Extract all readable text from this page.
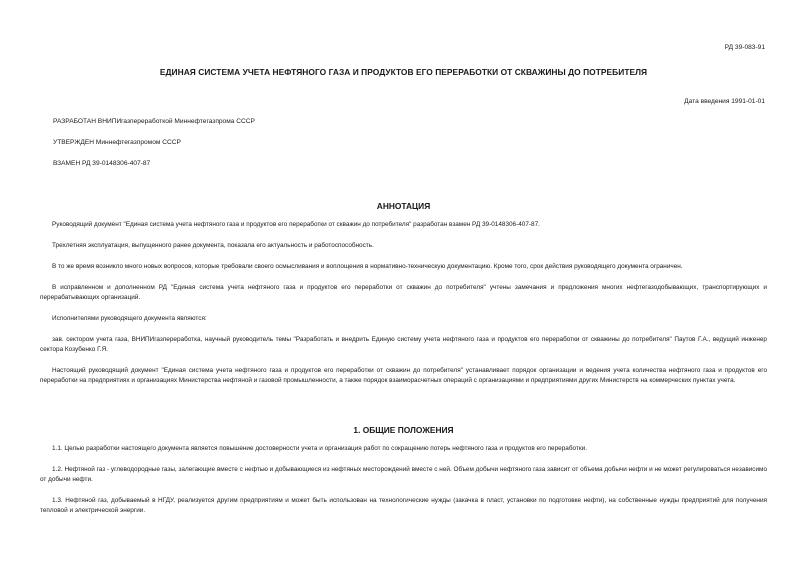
РД 39-083-91
ЕДИНАЯ СИСТЕМА УЧЕТА НЕФТЯНОГО ГАЗА И ПРОДУКТОВ ЕГО ПЕРЕРАБОТКИ ОТ СКВАЖИНЫ ДО ПОТРЕБИТЕЛЯ
Дата введения 1991-01-01
РАЗРАБОТАН ВНИПИгазпереработкой Миннефтегазпрома СССР
УТВЕРЖДЕН Миннефтегазпромом СССР
ВЗАМЕН РД 39-0148306-407-87
АННОТАЦИЯ

Руководящий документ "Единая система учета нефтяного газа и продуктов его переработки от скважин до потребителя" разработан взамен РД 39-0148306-407-87.

Трехлетняя эксплуатация, выпущенного ранее документа, показала его актуальность и работоспособность.

В то же время возникло много новых вопросов, которые требовали своего осмысливания и воплощения в нормативно-техническую документацию. Кроме того, срок действия руководящего документа ограничен.

В исправленном и дополненном РД "Единая система учета нефтяного газа и продуктов его переработки от скважин до потребителя" учтены замечания и предложения многих нефтегазодобывающих, транспортирующих и перерабатывающих организаций.

Исполнителями руководящего документа являются:

зав. сектором учета газа, ВНИПИгазпереработка, научный руководитель темы "Разработать и внедрить Единую систему учета нефтяного газа и продуктов его переработки от скважины до потребителя" Паутов Г.А., ведущий инженер сектора Козубенко Г.Я.

Настоящий руководящий документ "Единая система учета нефтяного газа и продуктов его переработки от скважин до потребителя" устанавливает порядок организации и ведения учета количества нефтяного газа и продуктов его переработки на предприятиях и организациях Министерства нефтяной и газовой промышленности, а также порядок взаиморасчетных операций с организациями и предприятиями других Министерств на коммерческих пунктах учета.

1. ОБЩИЕ ПОЛОЖЕНИЯ

1.1. Целью разработки настоящего документа является повышение достоверности учета и организация работ по сокращению потерь нефтяного газа и продуктов его переработки.

1.2. Нефтяной газ - углеводородные газы, залегающие вместе с нефтью и добывающиеся из нефтяных месторождений вместе с ней. Объем добычи нефтяного газа зависит от объема добычи нефти и не может регулироваться независимо от добычи нефти.

1.3. Нефтяной газ, добываемый в НГДУ, реализуется другим предприятиям и может быть использован на технологические нужды (закачка в пласт, установки по подготовке нефти), на собственные нужды предприятий для получения тепловой и электрической энергии.
